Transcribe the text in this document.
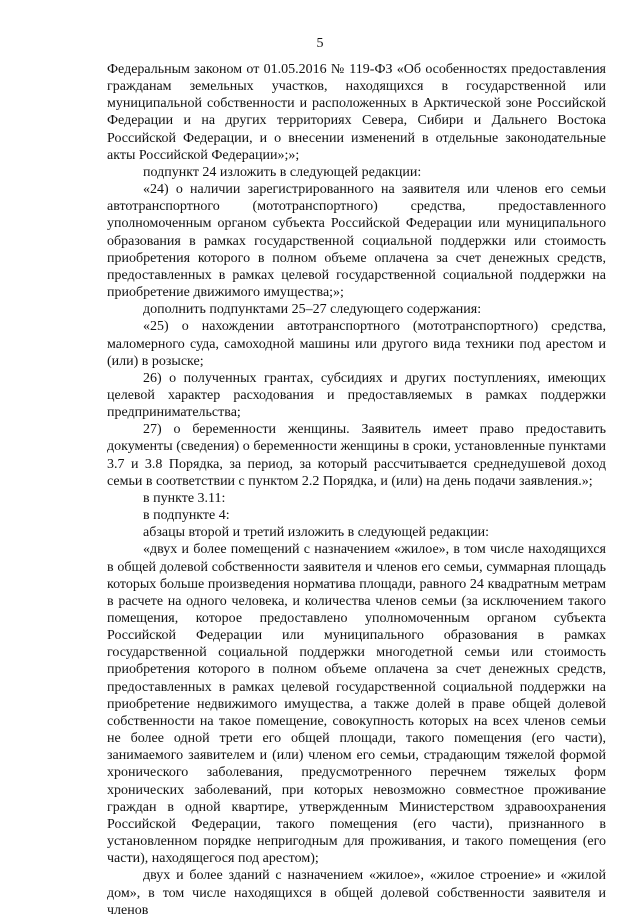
5

Федеральным законом от 01.05.2016 № 119-ФЗ «Об особенностях предоставления гражданам земельных участков, находящихся в государственной или муниципальной собственности и расположенных в Арктической зоне Российской Федерации и на других территориях Севера, Сибири и Дальнего Востока Российской Федерации, и о внесении изменений в отдельные законодательные акты Российской Федерации»;»;

подпункт 24 изложить в следующей редакции:

«24) о наличии зарегистрированного на заявителя или членов его семьи автотранспортного (мототранспортного) средства, предоставленного уполномоченным органом субъекта Российской Федерации или муниципального образования в рамках государственной социальной поддержки или стоимость приобретения которого в полном объеме оплачена за счет денежных средств, предоставленных в рамках целевой государственной социальной поддержки на приобретение движимого имущества;»;

дополнить подпунктами 25–27 следующего содержания:

«25) о нахождении автотранспортного (мототранспортного) средства, маломерного суда, самоходной машины или другого вида техники под арестом и (или) в розыске;

26) о полученных грантах, субсидиях и других поступлениях, имеющих целевой характер расходования и предоставляемых в рамках поддержки предпринимательства;

27) о беременности женщины. Заявитель имеет право предоставить документы (сведения) о беременности женщины в сроки, установленные пунктами 3.7 и 3.8 Порядка, за период, за который рассчитывается среднедушевой доход семьи в соответствии с пунктом 2.2 Порядка, и (или) на день подачи заявления.»;

в пункте 3.11:

в подпункте 4:

абзацы второй и третий изложить в следующей редакции:

«двух и более помещений с назначением «жилое», в том числе находящихся в общей долевой собственности заявителя и членов его семьи, суммарная площадь которых больше произведения норматива площади, равного 24 квадратным метрам в расчете на одного человека, и количества членов семьи (за исключением такого помещения, которое предоставлено уполномоченным органом субъекта Российской Федерации или муниципального образования в рамках государственной социальной поддержки многодетной семьи или стоимость приобретения которого в полном объеме оплачена за счет денежных средств, предоставленных в рамках целевой государственной социальной поддержки на приобретение недвижимого имущества, а также долей в праве общей долевой собственности на такое помещение, совокупность которых на всех членов семьи не более одной трети его общей площади, такого помещения (его части), занимаемого заявителем и (или) членом его семьи, страдающим тяжелой формой хронического заболевания, предусмотренного перечнем тяжелых форм хронических заболеваний, при которых невозможно совместное проживание граждан в одной квартире, утвержденным Министерством здравоохранения Российской Федерации, такого помещения (его части), признанного в установленном порядке непригодным для проживания, и такого помещения (его части), находящегося под арестом);

двух и более зданий с назначением «жилое», «жилое строение» и «жилой дом», в том числе находящихся в общей долевой собственности заявителя и членов
